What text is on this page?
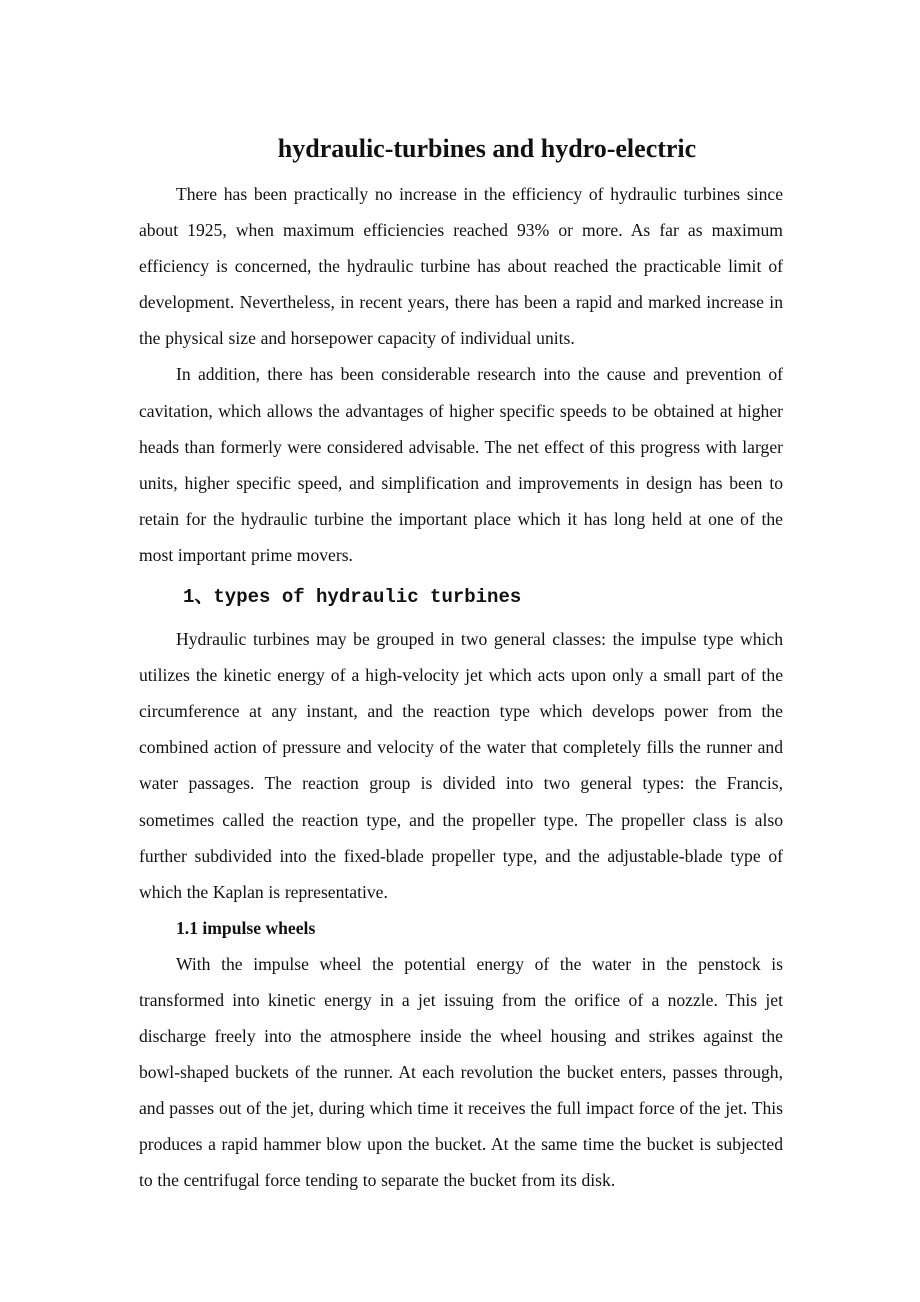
hydraulic-turbines and hydro-electric

There has been practically no increase in the efficiency of hydraulic turbines since about 1925, when maximum efficiencies reached 93% or more. As far as maximum efficiency is concerned, the hydraulic turbine has about reached the practicable limit of development. Nevertheless, in recent years, there has been a rapid and marked increase in the physical size and horsepower capacity of individual units.

In addition, there has been considerable research into the cause and prevention of cavitation, which allows the advantages of higher specific speeds to be obtained at higher heads than formerly were considered advisable. The net effect of this progress with larger units, higher specific speed, and simplification and improvements in design has been to retain for the hydraulic turbine the important place which it has long held at one of the most important prime movers.

1、types of hydraulic turbines

Hydraulic turbines may be grouped in two general classes: the impulse type which utilizes the kinetic energy of a high-velocity jet which acts upon only a small part of the circumference at any instant, and the reaction type which develops power from the combined action of pressure and velocity of the water that completely fills the runner and water passages. The reaction group is divided into two general types: the Francis, sometimes called the reaction type, and the propeller type. The propeller class is also further subdivided into the fixed-blade propeller type, and the adjustable-blade type of which the Kaplan is representative.

1.1 impulse wheels

With the impulse wheel the potential energy of the water in the penstock is transformed into kinetic energy in a jet issuing from the orifice of a nozzle. This jet discharge freely into the atmosphere inside the wheel housing and strikes against the bowl-shaped buckets of the runner. At each revolution the bucket enters, passes through, and passes out of the jet, during which time it receives the full impact force of the jet. This produces a rapid hammer blow upon the bucket. At the same time the bucket is subjected to the centrifugal force tending to separate the bucket from its disk.
